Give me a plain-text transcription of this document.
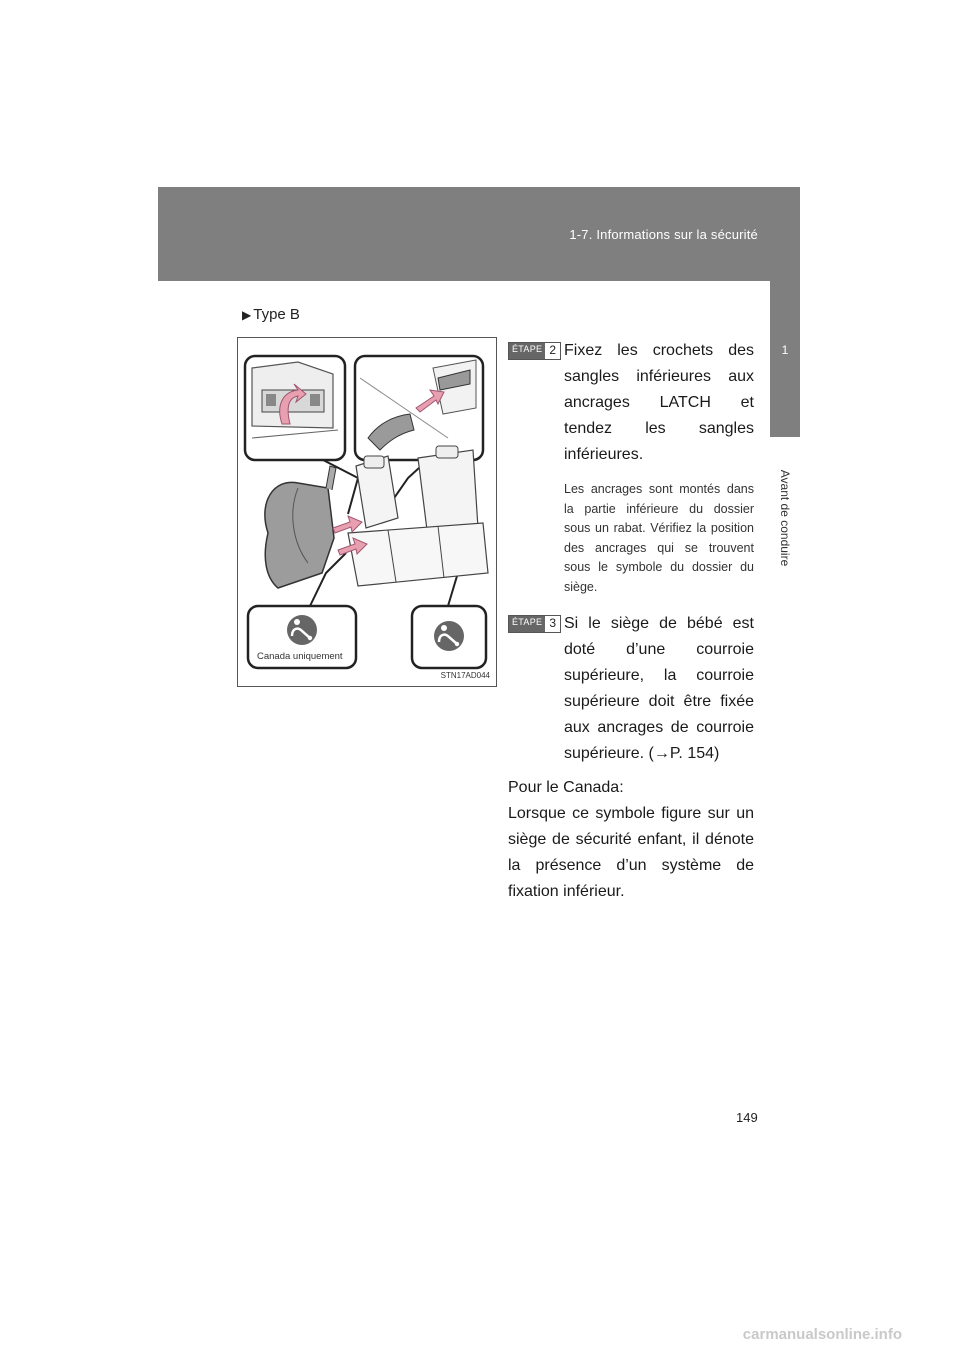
1-7. Informations sur la sécurité
1
Avant de conduire
▶ Type B
Canada uniquement
STN17AD044
ÉTAPE 2 Fixez les crochets des sangles inférieures aux ancrages LATCH et tendez les sangles inférieures.
Les ancrages sont montés dans la partie inférieure du dossier sous un rabat. Vérifiez la position des ancrages qui se trouvent sous le symbole du dossier du siège.
ÉTAPE 3 Si le siège de bébé est doté d’une courroie supérieure, la courroie supérieure doit être fixée aux ancrages de courroie supérieure. (→P. 154)

Pour le Canada:

Lorsque ce symbole figure sur un siège de sécurité enfant, il dénote la présence d’un système de fixation inférieur.

149
carmanualsonline.info
